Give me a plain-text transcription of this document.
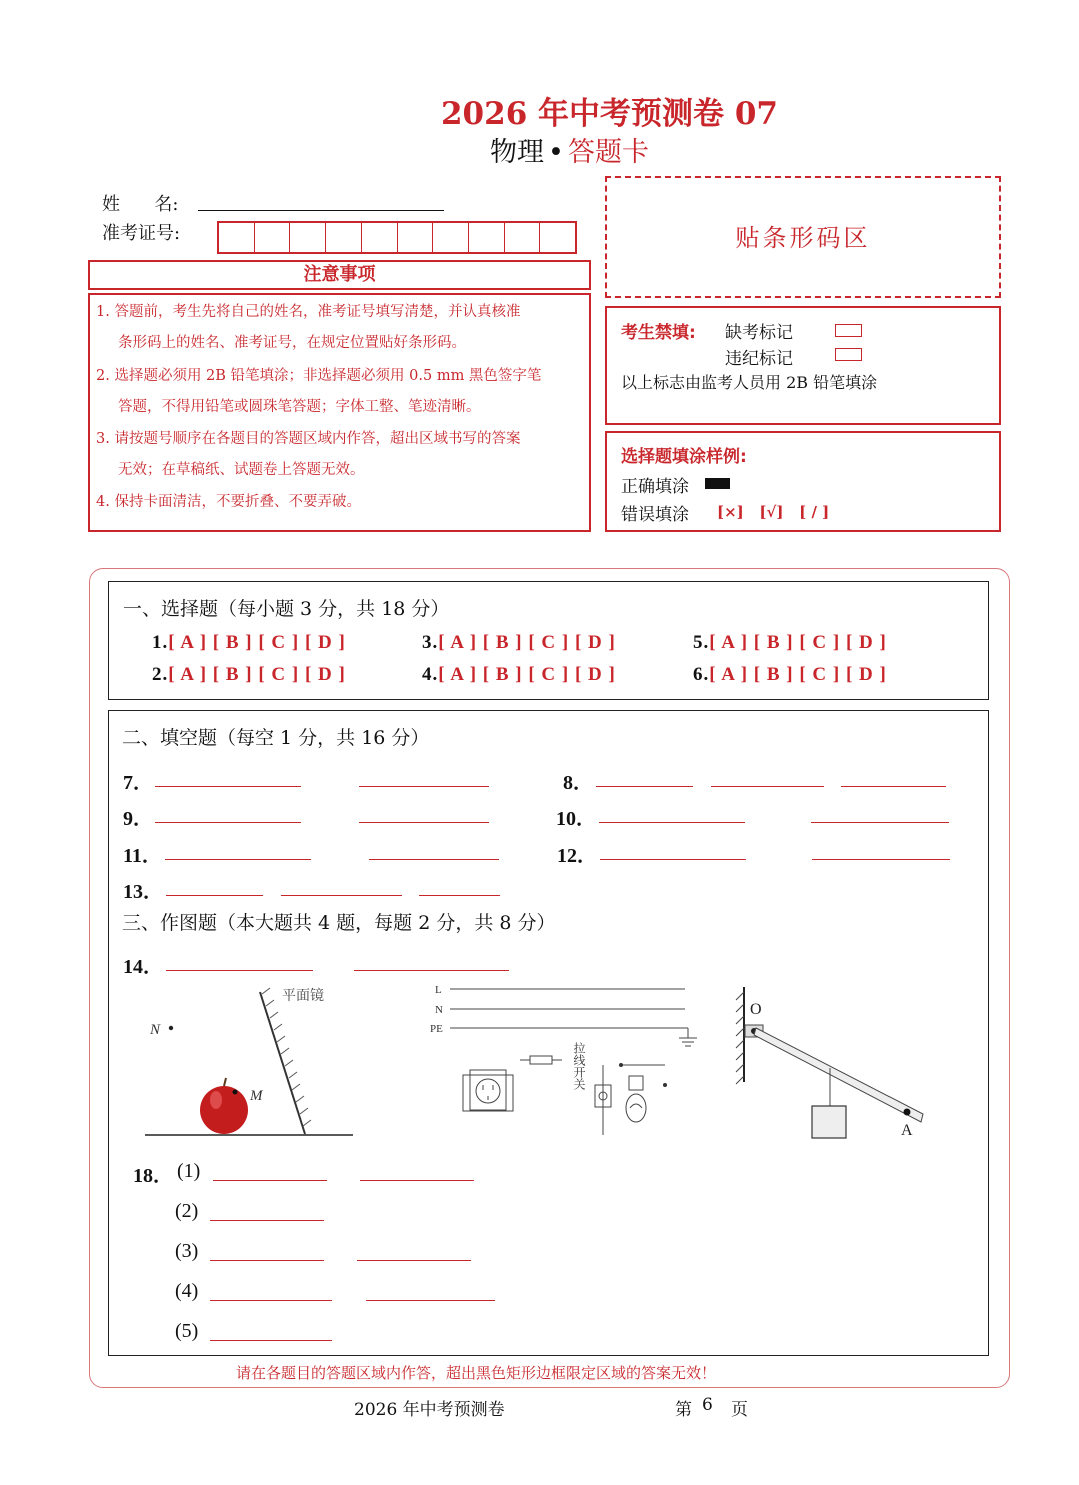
2026 年中考预测卷 07
物理 • 答题卡
姓      名:
准考证号:
注意事项
1. 答题前，考生先将自己的姓名，准考证号填写清楚，并认真核准
条形码上的姓名、准考证号，在规定位置贴好条形码。
2. 选择题必须用 2B 铅笔填涂；非选择题必须用 0.5 mm 黑色签字笔
答题，不得用铅笔或圆珠笔答题；字体工整、笔迹清晰。
3. 请按题号顺序在各题目的答题区域内作答，超出区域书写的答案
无效；在草稿纸、试题卷上答题无效。
4. 保持卡面清洁，不要折叠、不要弄破。
贴条形码区
考生禁填: 缺考标记
违纪标记
以上标志由监考人员用 2B 铅笔填涂
选择题填涂样例:
正确填涂
错误填涂 [×]   [√]   [ / ]
一、选择题（每小题 3 分，共 18 分）
1.[ A ] [ B ] [ C ] [ D ]
2.[ A ] [ B ] [ C ] [ D ]
3.[ A ] [ B ] [ C ] [ D ]
4.[ A ] [ B ] [ C ] [ D ]
5.[ A ] [ B ] [ C ] [ D ]
6.[ A ] [ B ] [ C ] [ D ]
二、填空题（每空 1 分，共 16 分）
7．	8．
9．	10．
11．	12．
13．
三、作图题（本大题共 4 题，每题 2 分，共 8 分）
14．
平面镜
N
M
L
N
PE
拉线开关
O
A
18． (1)
(2)
(3)
(4)
(5)
请在各题目的答题区域内作答，超出黑色矩形边框限定区域的答案无效！
2026 年中考预测卷	第 6 页
